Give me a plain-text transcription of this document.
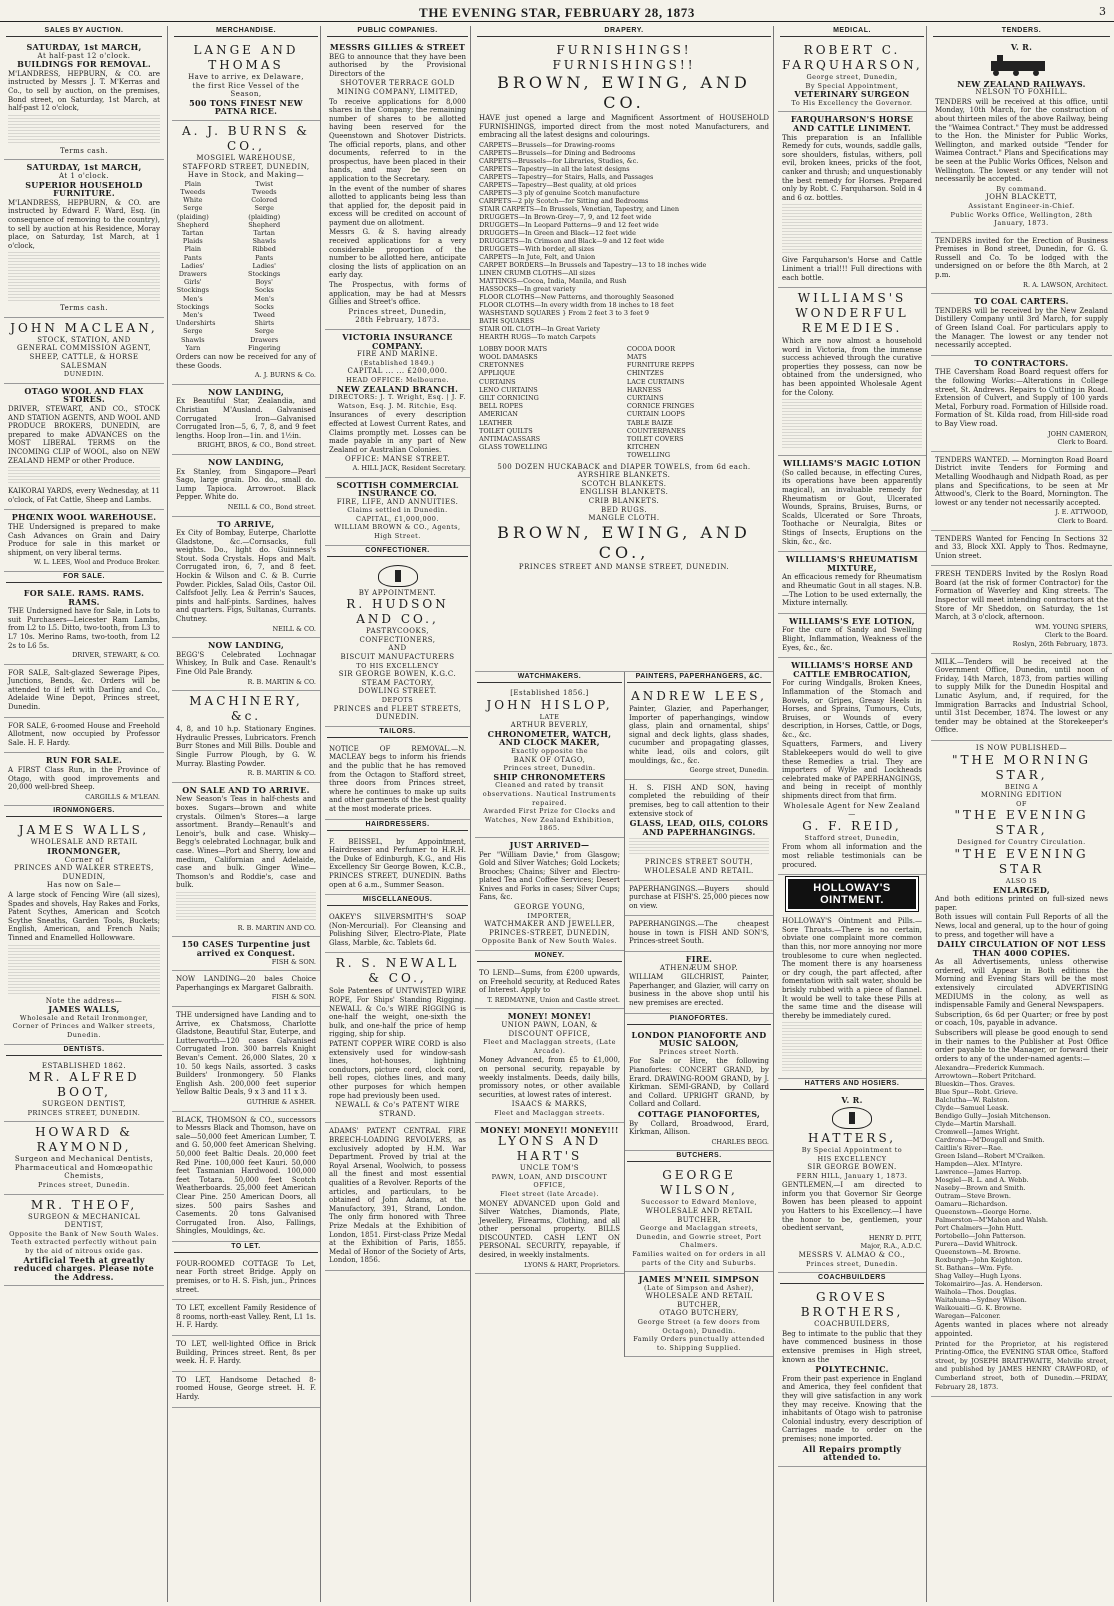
THE EVENING STAR, FEBRUARY 28, 1873	3
SALES BY AUCTION.
SATURDAY, 1st MARCH,
At half-past 12 o'clock.
BUILDINGS FOR REMOVAL.

M'LANDRESS, HEPBURN, & CO. are instructed by Messrs J. T. M'Kerras and Co., to sell by auction, on the premises, Bond street, on Saturday, 1st March, at half-past 12 o'clock,

Terms cash.
SATURDAY, 1st MARCH,
At 1 o'clock.
SUPERIOR HOUSEHOLD FURNITURE.

M'LANDRESS, HEPBURN, & CO. are instructed by Edward F. Ward, Esq. (in consequence of removing to the country), to sell by auction at his Residence, Moray place, on Saturday, 1st March, at 1 o'clock,

Terms cash.
JOHN MACLEAN,
STOCK, STATION, AND
GENERAL COMMISSION AGENT,
SHEEP, CATTLE, & HORSE SALESMAN
DUNEDIN.
OTAGO WOOL AND FLAX STORES.

DRIVER, STEWART, AND CO., STOCK AND STATION AGENTS, AND WOOL AND PRODUCE BROKERS, DUNEDIN, are prepared to make ADVANCES on the MOST LIBERAL TERMS on the INCOMING CLIP of WOOL, also on NEW ZEALAND HEMP or other Produce.

KAIKORAI YARDS, every Wednesday, at 11 o'clock, of Fat Cattle, Sheep and Lambs.

PHŒNIX WOOL WAREHOUSE.

THE Undersigned is prepared to make Cash Advances on Grain and Dairy Produce for sale in this market or shipment, on very liberal terms.

W. L. LEES, Wool and Produce Broker.
FOR SALE.
FOR SALE. RAMS. RAMS. RAMS.

THE Undersigned have for Sale, in Lots to suit Purchasers—Leicester Ram Lambs, from L2 to L5. Ditto, two-tooth, from L3 to L7 10s. Merino Rams, two-tooth, from L2 2s to L6 5s.

DRIVER, STEWART, & CO.

FOR SALE, Salt-glazed Sewerage Pipes, Junctions, Bends, &c. Orders will be attended to if left with Darling and Co., Adelaide Wine Depot, Princes street, Dunedin.

FOR SALE, 6-roomed House and Freehold Allotment, now occupied by Professor Sale. H. F. Hardy.

RUN FOR SALE.

A FIRST Class Run, in the Province of Otago, with good improvements and 20,000 well-bred Sheep.

CARGILLS & M'LEAN.
IRONMONGERS.
JAMES WALLS,
WHOLESALE AND RETAIL
IRONMONGER,
Corner of
PRINCES AND WALKER STREETS,
DUNEDIN,
Has now on Sale—

A large stock of Fencing Wire (all sizes), Spades and shovels, Hay Rakes and Forks, Patent Scythes, American and Scotch Scythe Sneaths, Garden Tools, Buckets; English, American, and French Nails; Tinned and Enamelled Hollowware.

Note the address—
JAMES WALLS,
Wholesale and Retail Ironmonger, Corner of Princes and Walker streets, Dunedin.
DENTISTS.
ESTABLISHED 1862.
MR. ALFRED BOOT,
SURGEON DENTIST,
PRINCES STREET, DUNEDIN.
HOWARD & RAYMOND,
Surgeon and Mechanical Dentists,
Pharmaceutical and Homœopathic Chemists,
Princes street, Dunedin.
MR. THEOF,
SURGEON & MECHANICAL
DENTIST,
Opposite the Bank of New South Wales.
Teeth extracted perfectly without pain by the aid of nitrous oxide gas.
Artificial Teeth at greatly reduced charges. Please note the Address.
MERCHANDISE.
LANGE AND THOMAS
Have to arrive, ex Delaware,
the first Rice Vessel of the Season,
500 TONS FINEST NEW PATNA RICE.
A. J. BURNS & CO.,
MOSGIEL WAREHOUSE,
STAFFORD STREET, DUNEDIN,
Have in Stock, and Making—
Plain Tweeds
White Serge (plaiding)
Shepherd Tartan Plaids
Plain Pants
Ladies' Drawers
Girls' Stockings
Men's Stockings
Men's Undershirts
Serge Shawls
Yarn
Twist Tweeds
Colored Serge (plaiding)
Shepherd Tartan Shawls
Ribbed Pants
Ladies' Stockings
Boys' Socks
Men's Socks
Tweed Shirts
Serge Drawers
Fingering

Orders can now be received for any of these Goods.

A. J. BURNS & Co.
NOW LANDING,

Ex Beautiful Star, Zealandia, and Christian M'Ausland. Galvanised Corrugated Iron—Galvanised Corrugated Iron—5, 6, 7, 8, and 9 feet lengths. Hoop Iron—1in. and 1½in.

BRIGHT, BROS, & CO., Bond street.
NOW LANDING,

Ex Stanley, from Singapore—Pearl Sago, large grain. Do. do., small do. Lump Tapioca. Arrowroot. Black Pepper. White do.

NEILL & CO., Bond street.
TO ARRIVE,

Ex City of Bombay, Euterpe, Charlotte Gladstone, &c.—Cornsacks, full weights. Do., light do. Guinness's Stout. Soda Crystals. Hops and Malt. Corrugated iron, 6, 7, and 8 feet. Hockin & Wilson and C. & B. Currie Powder. Pickles, Salad Oils, Castor Oil. Calfsfoot Jelly. Lea & Perrin's Sauces, pints and half-pints. Sardines, halves and quarters. Figs, Sultanas, Currants. Chutney.

NEILL & CO.
NOW LANDING,

BEGG'S Celebrated Lochnagar Whiskey, In Bulk and Case. Renault's Fine Old Pale Brandy.

R. B. MARTIN & CO.
MACHINERY, &c.

4, 8, and 10 h.p. Stationary Engines. Hydraulic Presses, Lubricators. French Burr Stones and Mill Bills. Double and Single Furrow Plough, by G. W. Murray. Blasting Powder.

R. B. MARTIN & CO.
ON SALE AND TO ARRIVE.

New Season's Teas in half-chests and boxes. Sugars—brown and white crystals. Oilmen's Stores—a large assortment. Brandy—Renault's and Lenoir's, bulk and case. Whisky—Begg's celebrated Lochnagar, bulk and case. Wines—Port and Sherry, low and medium, Californian and Adelaide, case and bulk. Ginger Wine—Thomson's and Roddie's, case and bulk.

R. B. MARTIN AND CO.
150 CASES Turpentine just arrived ex Conquest.
FISH & SON.

NOW LANDING—20 bales Choice Paperhangings ex Margaret Galbraith.

FISH & SON.

THE undersigned have Landing and to Arrive, ex Chatsmoss, Charlotte Gladstone, Beautiful Star, Euterpe, and Lutterworth—120 cases Galvanised Corrugated Iron. 300 barrels Knight Bevan's Cement. 26,000 Slates, 20 x 10. 50 kegs Nails, assorted. 3 casks Builders' Ironmongery. 50 Flanks English Ash. 200,000 feet superior Yellow Baltic Deals, 9 x 3 and 11 x 3.

GUTHRIE & ASHER.

BLACK, THOMSON & CO., successors to Messrs Black and Thomson, have on sale—50,000 feet American Lumber, T. and G. 50,000 feet American Shelving. 50,000 feet Baltic Deals. 20,000 feet Red Pine. 100,000 feet Kauri. 50,000 feet Tasmanian Hardwood. 100,000 feet Totara. 50,000 feet Scotch Weatherboards. 25,000 feet American Clear Pine. 250 American Doors, all sizes. 500 pairs Sashes and Casements. 20 tons Galvanised Corrugated Iron. Also, Fallings, Shingles, Mouldings, &c.

TO LET.

FOUR-ROOMED COTTAGE To Let, near Forth street Bridge. Apply on premises, or to H. S. Fish, jun., Princes street.

TO LET, excellent Family Residence of 8 rooms, north-east Valley. Rent, L1 1s. H. F. Hardy.

TO LET, well-lighted Office in Brick Building, Princes street. Rent, 8s per week. H. F. Hardy.

TO LET, Handsome Detached 8-roomed House, George street. H. F. Hardy.

PUBLIC COMPANIES.
MESSRS GILLIES & STREET

BEG to announce that they have been authorised by the Provisional Directors of the

SHOTOVER TERRACE GOLD MINING COMPANY, LIMITED,

To receive applications for 8,000 shares in the Company; the remaining number of shares to be allotted having been reserved for the Queenstown and Shotover Districts. The official reports, plans, and other documents, referred to in the prospectus, have been placed in their hands, and may be seen on application to the Secretary.

In the event of the number of shares allotted to applicants being less than that applied for, the deposit paid in excess will be credited on account of payment due on allotment.

Messrs G. & S. having already received applications for a very considerable proportion of the number to be allotted here, anticipate closing the lists of application on an early day.

The Prospectus, with forms of application, may be had at Messrs Gillies and Street's office.

Princes street, Dunedin,
28th February, 1873.
VICTORIA INSURANCE COMPANY.
FIRE AND MARINE.
(Established 1849.)
CAPITAL ... ... £200,000.
HEAD OFFICE: Melbourne.
NEW ZEALAND BRANCH.
DIRECTORS: J. T. Wright, Esq. | J. F. Watson, Esq. J. M. Ritchie, Esq.

Insurances of every description effected at Lowest Current Rates, and Claims promptly met. Losses can be made payable in any part of New Zealand or Australian Colonies.

OFFICE: MANSE STREET.
A. HILL JACK, Resident Secretary.
SCOTTISH COMMERCIAL INSURANCE CO.
FIRE, LIFE, AND ANNUITIES.
Claims settled in Dunedin. CAPITAL, £1,000,000.
WILLIAM BROWN & CO., Agents, High Street.
CONFECTIONER.
BY APPOINTMENT.
R. HUDSON AND CO.,
PASTRYCOOKS, CONFECTIONERS,
AND
BISCUIT MANUFACTURERS
TO HIS EXCELLENCY
SIR GEORGE BOWEN, K.G.C.
STEAM FACTORY,
DOWLING STREET.
DEPOTS
PRINCES and FLEET STREETS,
DUNEDIN.
TAILORS.

NOTICE OF REMOVAL.—N. MACLEAY begs to inform his friends and the public that he has removed from the Octagon to Stafford street, three doors from Princes street, where he continues to make up suits and other garments of the best quality at the most moderate prices.

HAIRDRESSERS.

F. BEISSEL, by Appointment, Hairdresser and Perfumer to H.R.H. the Duke of Edinburgh, K.G., and His Excellency Sir George Bowen, K.C.B., PRINCES STREET, DUNEDIN. Baths open at 6 a.m., Summer Season.

MISCELLANEOUS.

OAKEY'S SILVERSMITH'S SOAP (Non-Mercurial). For Cleansing and Polishing Silver, Electro-Plate, Plate Glass, Marble, &c. Tablets 6d.

R. S. NEWALL & CO.,

Sole Patentees of UNTWISTED WIRE ROPE, For Ships' Standing Rigging. NEWALL & Co.'s WIRE RIGGING is one-half the weight, one-sixth the bulk, and one-half the price of hemp rigging, ship for ship.

PATENT COPPER WIRE CORD is also extensively used for window-sash lines, hot-houses, lightning conductors, picture cord, clock cord, bell ropes, clothes lines, and many other purposes for which hempen rope had previously been used.

NEWALL & Co's PATENT WIRE STRAND.

ADAMS' PATENT CENTRAL FIRE BREECH-LOADING REVOLVERS, as exclusively adopted by H.M. War Department. Proved by trial at the Royal Arsenal, Woolwich, to possess all the finest and most essential qualities of a Revolver. Reports of the articles, and particulars, to be obtained of John Adams, at the Manufactory, 391, Strand, London. The only firm honored with Three Prize Medals at the Exhibition of London, 1851. First-class Prize Medal at the Exhibition of Paris, 1855. Medal of Honor of the Society of Arts, London, 1856.

DRAPERY.
FURNISHINGS!
FURNISHINGS!!
BROWN, EWING, AND CO.

HAVE just opened a large and Magnificent Assortment of HOUSEHOLD FURNISHINGS, imported direct from the most noted Manufacturers, and embracing all the latest designs and colourings.

CARPETS—Brussels—for Drawing-rooms
CARPETS—Brussels—for Dining and Bedrooms
CARPETS—Brussels—for Libraries, Studies, &c.
CARPETS—Tapestry—in all the latest designs
CARPETS—Tapestry—for Stairs, Halls, and Passages
CARPETS—Tapestry—Best quality, at old prices
CARPETS—3 ply of genuine Scotch manufacture
CARPETS—2 ply Scotch—for Sitting and Bedrooms
STAIR CARPETS—In Brussels, Venetian, Tapestry, and Linen
DRUGGETS—In Brown-Grey—7, 9, and 12 feet wide
DRUGGETS—In Leopard Patterns—9 and 12 feet wide
DRUGGETS—In Green and Black—12 feet wide
DRUGGETS—In Crimson and Black—9 and 12 feet wide
DRUGGETS—With border, all sizes
CARPETS—In Jute, Felt, and Union
CARPET BORDERS—In Brussels and Tapestry—13 to 18 inches wide
LINEN CRUMB CLOTHS—All sizes
MATTINGS—Cocoa, India, Manila, and Rush
HASSOCKS—In great variety
FLOOR CLOTHS—New Patterns, and thoroughly Seasoned
FLOOR CLOTHS—In every width from 18 inches to 18 feet
WASHSTAND SQUARES } From 2 feet 3 to 3 feet 9
BATH SQUARES
STAIR OIL CLOTH—In Great Variety
HEARTH RUGS—To match Carpets
LOBBY DOOR MATS
WOOL DAMASKS
CRETONNES
APPLIQUE CURTAINS
LENO CURTAINS
GILT CORNICING
BELL ROPES
AMERICAN LEATHER
TOILET QUILTS
ANTIMACASSARS
GLASS TOWELLING
COCOA DOOR MATS
FURNITURE REPPS
CHINTZES
LACE CURTAINS
HARNESS CURTAINS
CORNICE FRINGES
CURTAIN LOOPS
TABLE BAIZE
COUNTERPANES
TOILET COVERS
KITCHEN TOWELLING
500 DOZEN HUCKABACK and DIAPER TOWELS, from 6d each.
AYRSHIRE BLANKETS.
SCOTCH BLANKETS.
ENGLISH BLANKETS.
CRIB BLANKETS.
BED RUGS.
MANGLE CLOTH.
BROWN, EWING, AND CO.,
PRINCES STREET AND MANSE STREET, DUNEDIN.
WATCHMAKERS.
[Established 1856.]
JOHN HISLOP,
LATE
ARTHUR BEVERLY,
CHRONOMETER, WATCH, AND CLOCK MAKER,
Exactly opposite the
BANK OF OTAGO,
Princes street, Dunedin.
SHIP CHRONOMETERS
Cleaned and rated by transit observations. Nautical Instruments repaired.
Awarded First Prize for Clocks and Watches, New Zealand Exhibition, 1865.
JUST ARRIVED—

Per "William Davie," from Glasgow; Gold and Silver Watches; Gold Lockets; Brooches; Chains; Silver and Electro-plated Tea and Coffee Services; Desert Knives and Forks in cases; Silver Cups; Fans, &c.

GEORGE YOUNG,
IMPORTER,
WATCHMAKER AND JEWELLER,
PRINCES-STREET, DUNEDIN,
Opposite Bank of New South Wales.
MONEY.

TO LEND—Sums, from £200 upwards, on Freehold security, at Reduced Rates of Interest. Apply to

T. REDMAYNE, Union and Castle street.
MONEY! MONEY!
UNION PAWN, LOAN, & DISCOUNT OFFICE,
Fleet and Maclaggan streets, (Late Arcade).

Money Advanced, from £5 to £1,000, on personal security, repayable by weekly instalments. Deeds, daily bills, promissory notes, or other available securities, at lowest rates of interest.

ISAACS & MARKS,
Fleet and Maclaggan streets.
MONEY! MONEY!! MONEY!!!
LYONS AND HART'S
UNCLE TOM'S
PAWN, LOAN, AND DISCOUNT OFFICE,
Fleet street (late Arcade).

MONEY ADVANCED upon Gold and Silver Watches, Diamonds, Plate, Jewellery, Firearms, Clothing, and all other personal property. BILLS DISCOUNTED. CASH LENT ON PERSONAL SECURITY, repayable, if desired, in weekly instalments.

LYONS & HART, Proprietors.
PAINTERS, PAPERHANGERS, &C.
ANDREW LEES,

Painter, Glazier, and Paperhanger, Importer of paperhangings, window glass, plain and ornamental, ships' signal and deck lights, glass shades, cucumber and propagating glasses, white lead, oils and colors, gilt mouldings, &c., &c.

George street, Dunedin.

H. S. FISH AND SON, having completed the rebuilding of their premises, beg to call attention to their extensive stock of

GLASS, LEAD, OILS, COLORS AND PAPERHANGINGS.
PRINCES STREET SOUTH, WHOLESALE AND RETAIL.

PAPERHANGINGS.—Buyers should purchase at FISH'S. 25,000 pieces now on view.

PAPERHANGINGS.—The cheapest house in town is FISH AND SON'S, Princes-street South.

FIRE.
ATHENÆUM SHOP.

WILLIAM GILCHRIST, Painter, Paperhanger, and Glazier, will carry on business in the above shop until his new premises are erected.

PIANOFORTES.
LONDON PIANOFORTE AND MUSIC SALOON,
Princes street North.

For Sale or Hire, the following Pianofortes: CONCERT GRAND, by Erard. DRAWING-ROOM GRAND, by J. Kirkman. SEMI-GRAND, by Collard and Collard. UPRIGHT GRAND, by Collard and Collard.

COTTAGE PIANOFORTES,

By Collard, Broadwood, Erard, Kirkman, Allison.

CHARLES BEGG.
BUTCHERS.
GEORGE WILSON,
Successor to Edward Menlove,
WHOLESALE AND RETAIL BUTCHER,
George and Maclaggan streets, Dunedin, and Gowrie street, Port Chalmers.
Families waited on for orders in all parts of the City and Suburbs.
JAMES M'NEIL SIMPSON
(Late of Simpson and Asher),
WHOLESALE AND RETAIL BUTCHER,
OTAGO BUTCHERY,
George Street (a few doors from Octagon), Dunedin.
Family Orders punctually attended to. Shipping Supplied.
MEDICAL.
ROBERT C. FARQUHARSON,
George street, Dunedin,
By Special Appointment,
VETERINARY SURGEON
To His Excellency the Governor.
FARQUHARSON'S HORSE AND CATTLE LINIMENT.

This preparation is an Infallible Remedy for cuts, wounds, saddle galls, sore shoulders, fistulas, withers, poll evil, broken knees, pricks of the foot, canker and thrush; and unquestionably the best remedy for Horses. Prepared only by Robt. C. Farquharson. Sold in 4 and 6 oz. bottles.

Give Farquharson's Horse and Cattle Liniment a trial!!! Full directions with each bottle.

WILLIAMS'S WONDERFUL REMEDIES.

Which are now almost a household word in Victoria, from the immense success achieved through the curative properties they possess, can now be obtained from the undersigned, who has been appointed Wholesale Agent for the Colony.

WILLIAMS'S MAGIC LOTION

(So called because, in effecting Cures, its operations have been apparently magical), an invaluable remedy for Rheumatism or Gout, Ulcerated Wounds, Sprains, Bruises, Burns, or Scalds, Ulcerated or Sore Throats, Toothache or Neuralgia, Bites or Stings of Insects, Eruptions on the Skin, &c., &c.

WILLIAMS'S RHEUMATISM MIXTURE,

An efficacious remedy for Rheumatism and Rheumatic Gout in all stages. N.B.—The Lotion to be used externally, the Mixture internally.

WILLIAMS'S EYE LOTION,

For the cure of Sandy and Swelling Blight, Inflammation, Weakness of the Eyes, &c., &c.

WILLIAMS'S HORSE AND CATTLE EMBROCATION,

For curing Windgalls, Broken Knees, Inflammation of the Stomach and Bowels, or Gripes, Greasy Heels in Horses, and Sprains, Tumours, Cuts, Bruises, or Wounds of every description, in Horses, Cattle, or Dogs, &c., &c.

Squatters, Farmers, and Livery Stablekeepers would do well to give these Remedies a trial. They are importers of Wylie and Lockheads celebrated make of PAPERHANGINGS, and being in receipt of monthly shipments direct from that firm.

Wholesale Agent for New Zealand—
G. F. REID,
Stafford street, Dunedin,

From whom all information and the most reliable testimonials can be procured.

HOLLOWAY'S OINTMENT.

HOLLOWAY'S Ointment and Pills.—Sore Throats.—There is no certain, obviate one complaint more common than this, nor more annoying nor more troublesome to cure when neglected. The moment there is any hoarseness or dry cough, the part affected, after fomentation with salt water, should be briskly rubbed with a piece of flannel. It would be well to take these Pills at the same time and the disease will thereby be immediately cured.

HATTERS AND HOSIERS.
V. R.
HATTERS,
By Special Appointment to
HIS EXCELLENCY
SIR GEORGE BOWEN.
FERN HILL, January 1, 1873.

GENTLEMEN,—I am directed to inform you that Governor Sir George Bowen has been pleased to appoint you Hatters to his Excellency.—I have the honor to be, gentlemen, your obedient servant,

HENRY D. PITT,
Major, R.A., A.D.C.
MESSRS V. ALMAO & CO.,
Princes street, Dunedin.
COACHBUILDERS
GROVES BROTHERS,
COACHBUILDERS,

Beg to intimate to the public that they have commenced business in those extensive premises in High street, known as the

POLYTECHNIC.

From their past experience in England and America, they feel confident that they will give satisfaction in any work they may receive. Knowing that the inhabitants of Otago wish to patronise Colonial industry, every description of Carriages made to order on the premises; none imported.

All Repairs promptly attended to.
TENDERS.
V. R.
NEW ZEALAND RAILWAYS.
NELSON TO FOXHILL.

TENDERS will be received at this office, until Monday, 10th March, for the construction of about thirteen miles of the above Railway, being the "Waimea Contract." They must be addressed to the Hon. the Minister for Public Works, Wellington, and marked outside "Tender for Waimea Contract." Plans and Specifications may be seen at the Public Works Offices, Nelson and Wellington. The lowest or any tender will not necessarily be accepted.

By command.
JOHN BLACKETT,
Assistant Engineer-in-Chief.
Public Works Office, Wellington, 28th January, 1873.

TENDERS invited for the Erection of Business Premises in Bond street, Dunedin, for G. G. Russell and Co. To be lodged with the undersigned on or before the 8th March, at 2 p.m.

R. A. LAWSON, Architect.
TO COAL CARTERS.

TENDERS will be received by the New Zealand Distillery Company until 3rd March, for supply of Green Island Coal. For particulars apply to the Manager. The lowest or any tender not necessarily accepted.

TO CONTRACTORS.

THE Caversham Road Board request offers for the following Works:—Alterations in College street, St. Andrews. Repairs to Cutting in Road. Extension of Culvert, and Supply of 100 yards Metal, Forbury road. Formation of Hillside road. Formation of St. Kilda road, from Hill-side road to Bay View road.

JOHN CAMERON,
Clerk to Board.

TENDERS WANTED. — Mornington Road Board District invite Tenders for Forming and Metalling Woodhaugh and Nidpath Road, as per plans and Specifications, to be seen at Mr Attwood's, Clerk to the Board, Mornington. The lowest or any tender not necessarily accepted.

J. E. ATTWOOD,
Clerk to Board.

TENDERS Wanted for Fencing In Sections 32 and 33, Block XXI. Apply to Thos. Redmayne, Union street.

FRESH TENDERS Invited by the Roslyn Road Board (at the risk of former Contractor) for the Formation of Waverley and King streets. The Inspector will meet intending contractors at the Store of Mr Sheddon, on Saturday, the 1st March, at 3 o'clock, afternoon.

WM. YOUNG SPIERS,
Clerk to the Board.
Roslyn, 26th February, 1873.

MILK.—Tenders will be received at the Government Office, Dunedin, until noon of Friday, 14th March, 1873, from parties willing to supply Milk for the Dunedin Hospital and Lunatic Asylum, and, if required, for the Immigration Barracks and Industrial School, until 31st December, 1874. The lowest or any tender may be obtained at the Storekeeper's Office.

IS NOW PUBLISHED—
"THE MORNING STAR,
BEING A
MORNING EDITION
OF
"THE EVENING STAR,
Designed for Country Circulation.
"THE EVENING STAR
ALSO IS
ENLARGED,

And both editions printed on full-sized news paper.

Both issues will contain Full Reports of all the News, local and general, up to the hour of going to press, and together will have a

DAILY CIRCULATION OF NOT LESS THAN 4000 COPIES.

As all Advertisements, unless otherwise ordered, will Appear in Both editions the Morning and Evening Stars will be the most extensively circulated ADVERTISING MEDIUMS in the colony, as well as indispensable Family and General Newspapers.

Subscription, 6s 6d per Quarter; or free by post or coach, 10s, payable in advance.

Subscribers will please be good enough to send in their names to the Publisher at Post Office order payable to the Manager, or forward their orders to any of the under-named agents:—

Alexandra—Frederick Kummach.
Arrowtown—Robert Pritchard.
Blueskin—Thos. Graves.
Blue Spur—Robt. Grieve.
Balclutha—W. Ralston.
Clyde—Samuel Leask.
Bendigo Gully—Josiah Mitchenson.
Clyde—Martin Marshall.
Cromwell—James Wright.
Cardrona—M'Dougall and Smith.
Caitlin's River—Rae.
Green Island—Robert M'Craiken.
Hampden—Alex. M'Intyre.
Lawrence—James Harrop.
Mosgiel—R. L. and A. Webb.
Naseby—Brown and Smith.
Outram—Steve Brown.
Oamaru—Richardson.
Queenstown—George Horne.
Palmerston—M'Mahon and Walsh.
Port Chalmers—John Hutt.
Portobello—John Patterson.
Purera—David Whitrock.
Queenstown—M. Browne.
Roxburgh—John Keighton.
St. Bathans—Wm. Fyfe.
Shag Valley—Hugh Lyons.
Tokomairiro—Jas. A. Henderson.
Waihola—Thos. Douglas.
Waitahuna—Sydney Wilson.
Waikouaiti—G. K. Browne.
Waregan—Falconer.

Agents wanted in places where not already appointed.

Printed for the Proprietor, at his registered Printing-Office, the EVENING STAR Office, Stafford street, by JOSEPH BRAITHWAITE, Melville street, and published by JAMES HENRY CRAWFORD, of Cumberland street, both of Dunedin.—FRIDAY, February 28, 1873.
